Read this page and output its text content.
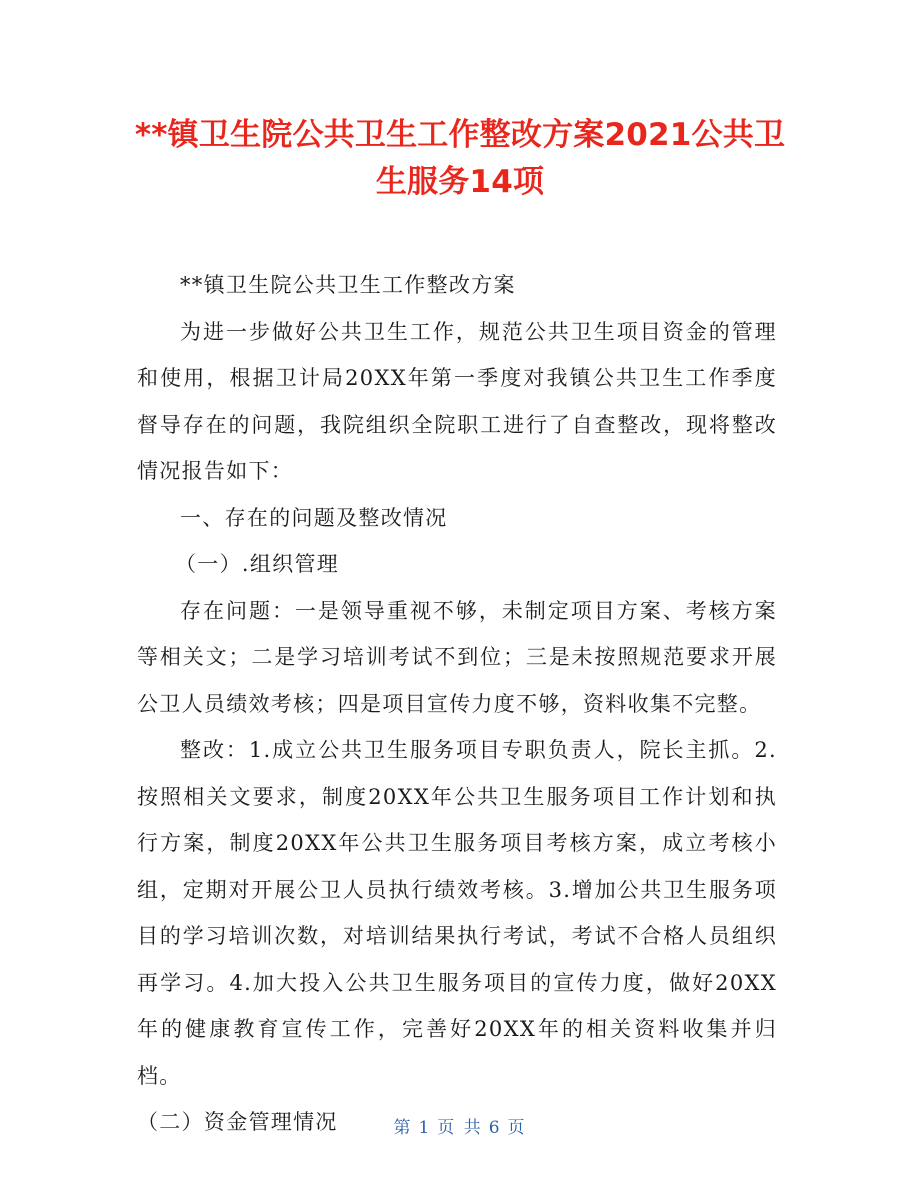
**镇卫生院公共卫生工作整改方案2021公共卫生服务14项

**镇卫生院公共卫生工作整改方案

为进一步做好公共卫生工作，规范公共卫生项目资金的管理和使用，根据卫计局20XX年第一季度对我镇公共卫生工作季度督导存在的问题，我院组织全院职工进行了自查整改，现将整改情况报告如下：

一、存在的问题及整改情况

（一）.组织管理

存在问题：一是领导重视不够，未制定项目方案、考核方案等相关文；二是学习培训考试不到位；三是未按照规范要求开展公卫人员绩效考核；四是项目宣传力度不够，资料收集不完整。

整改：1.成立公共卫生服务项目专职负责人，院长主抓。2.按照相关文要求，制度20XX年公共卫生服务项目工作计划和执行方案，制度20XX年公共卫生服务项目考核方案，成立考核小组，定期对开展公卫人员执行绩效考核。3.增加公共卫生服务项目的学习培训次数，对培训结果执行考试，考试不合格人员组织再学习。4.加大投入公共卫生服务项目的宣传力度，做好20XX年的健康教育宣传工作，完善好20XX年的相关资料收集并归档。

（二）资金管理情况	第 1 页 共 6 页
